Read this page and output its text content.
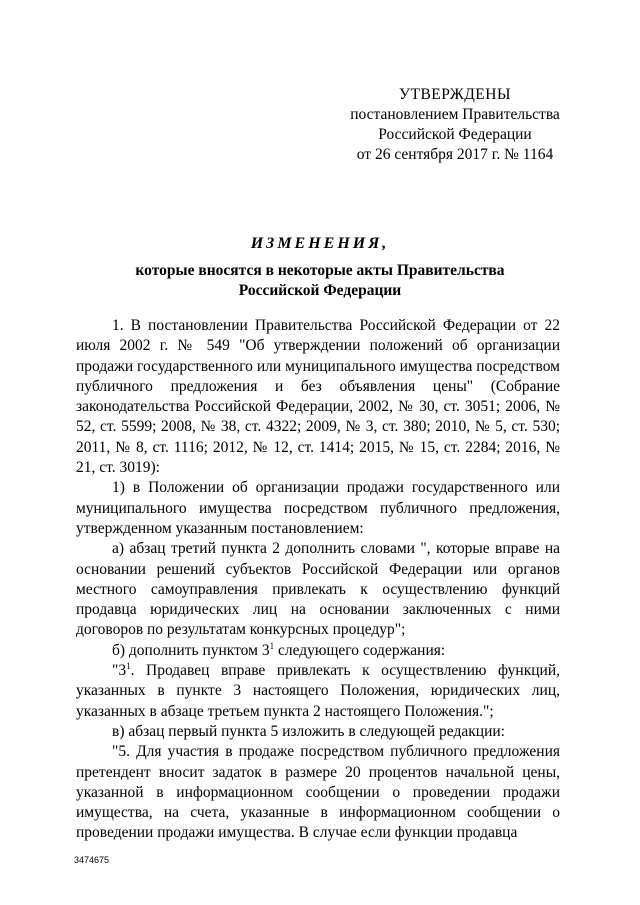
УТВЕРЖДЕНЫ
постановлением Правительства
Российской Федерации
от 26 сентября 2017 г. № 1164
ИЗМЕНЕНИЯ,
которые вносятся в некоторые акты Правительства
Российской Федерации

1. В постановлении Правительства Российской Федерации от 22 июля 2002 г. № 549 "Об утверждении положений об организации продажи государственного или муниципального имущества посредством публичного предложения и без объявления цены" (Собрание законодательства Российской Федерации, 2002, № 30, ст. 3051; 2006, № 52, ст. 5599; 2008, № 38, ст. 4322; 2009, № 3, ст. 380; 2010, № 5, ст. 530; 2011, № 8, ст. 1116; 2012, № 12, ст. 1414; 2015, № 15, ст. 2284; 2016, № 21, ст. 3019):

1) в Положении об организации продажи государственного или муниципального имущества посредством публичного предложения, утвержденном указанным постановлением:

а) абзац третий пункта 2 дополнить словами ", которые вправе на основании решений субъектов Российской Федерации или органов местного самоуправления привлекать к осуществлению функций продавца юридических лиц на основании заключенных с ними договоров по результатам конкурсных процедур";

б) дополнить пунктом $3^1$ следующего содержания:

"$3^1$. Продавец вправе привлекать к осуществлению функций, указанных в пункте 3 настоящего Положения, юридических лиц, указанных в абзаце третьем пункта 2 настоящего Положения.";

в) абзац первый пункта 5 изложить в следующей редакции:

"5. Для участия в продаже посредством публичного предложения претендент вносит задаток в размере 20 процентов начальной цены, указанной в информационном сообщении о проведении продажи имущества, на счета, указанные в информационном сообщении о проведении продажи имущества. В случае если функции продавца

3474675
